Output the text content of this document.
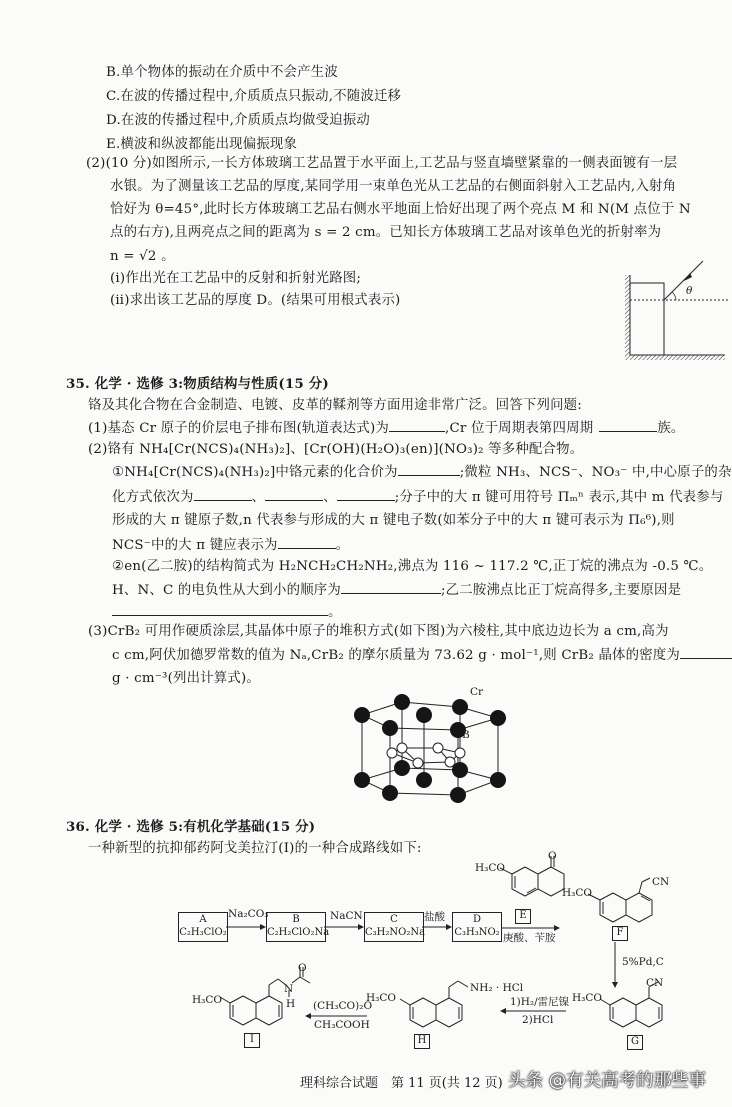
B.单个物体的振动在介质中不会产生波
C.在波的传播过程中,介质质点只振动,不随波迁移
D.在波的传播过程中,介质质点均做受迫振动
E.横波和纵波都能出现偏振现象
(2)(10 分)如图所示,一长方体玻璃工艺品置于水平面上,工艺品与竖直墙壁紧靠的一侧表面镀有一层
水银。为了测量该工艺品的厚度,某同学用一束单色光从工艺品的右侧面斜射入工艺品内,入射角
恰好为 θ=45°,此时长方体玻璃工艺品右侧水平地面上恰好出现了两个亮点 M 和 N(M 点位于 N
点的右方),且两亮点之间的距离为 s = 2 cm。已知长方体玻璃工艺品对该单色光的折射率为
n = √2 。
(ⅰ)作出光在工艺品中的反射和折射光路图;
(ⅱ)求出该工艺品的厚度 D。(结果可用根式表示)
θ
35. 化学 · 选修 3:物质结构与性质(15 分)
铬及其化合物在合金制造、电镀、皮革的鞣剂等方面用途非常广泛。回答下列问题:
(1)基态 Cr 原子的价层电子排布图(轨道表达式)为	,Cr 位于周期表第四周期	族。
(2)铬有 NH₄[Cr(NCS)₄(NH₃)₂]、[Cr(OH)(H₂O)₃(en)](NO₃)₂ 等多种配合物。
①NH₄[Cr(NCS)₄(NH₃)₂]中铬元素的化合价为	;微粒 NH₃、NCS⁻、NO₃⁻ 中,中心原子的杂
化方式依次为	、	、	;分子中的大 π 键可用符号 Πₘⁿ 表示,其中 m 代表参与
形成的大 π 键原子数,n 代表参与形成的大 π 键电子数(如苯分子中的大 π 键可表示为 Π₆⁶),则
NCS⁻中的大 π 键应表示为	。
②en(乙二胺)的结构简式为 H₂NCH₂CH₂NH₂,沸点为 116 ~ 117.2 ℃,正丁烷的沸点为 -0.5 ℃。
H、N、C 的电负性从大到小的顺序为	;乙二胺沸点比正丁烷高得多,主要原因是
。
(3)CrB₂ 可用作硬质涂层,其晶体中原子的堆积方式(如下图)为六棱柱,其中底边边长为 a cm,高为
c cm,阿伏加德罗常数的值为 Nₐ,CrB₂ 的摩尔质量为 73.62 g · mol⁻¹,则 CrB₂ 晶体的密度为
g · cm⁻³(列出计算式)。
Cr
B
36. 化学 · 选修 5:有机化学基础(15 分)
一种新型的抗抑郁药阿戈美拉汀(I)的一种合成路线如下:
H₃CO
O
A
C₂H₃ClO₂
Na₂CO₃	B
C₂H₂ClO₂Na
NaCN	C
C₃H₂NO₂Na
盐酸	D
C₃H₃NO₂
E
庚酸、苄胺
H₃CO
CN
F
5%Pd,C
H₃CO
CN
G
1)H₂/雷尼镍
2)HCl
H₃CO
NH₂ · HCl
H
(CH₃CO)₂O
CH₃COOH
H₃CO
N
H
O
I
理科综合试题　第 11 页(共 12 页) 头条 @有关高考的那些事
